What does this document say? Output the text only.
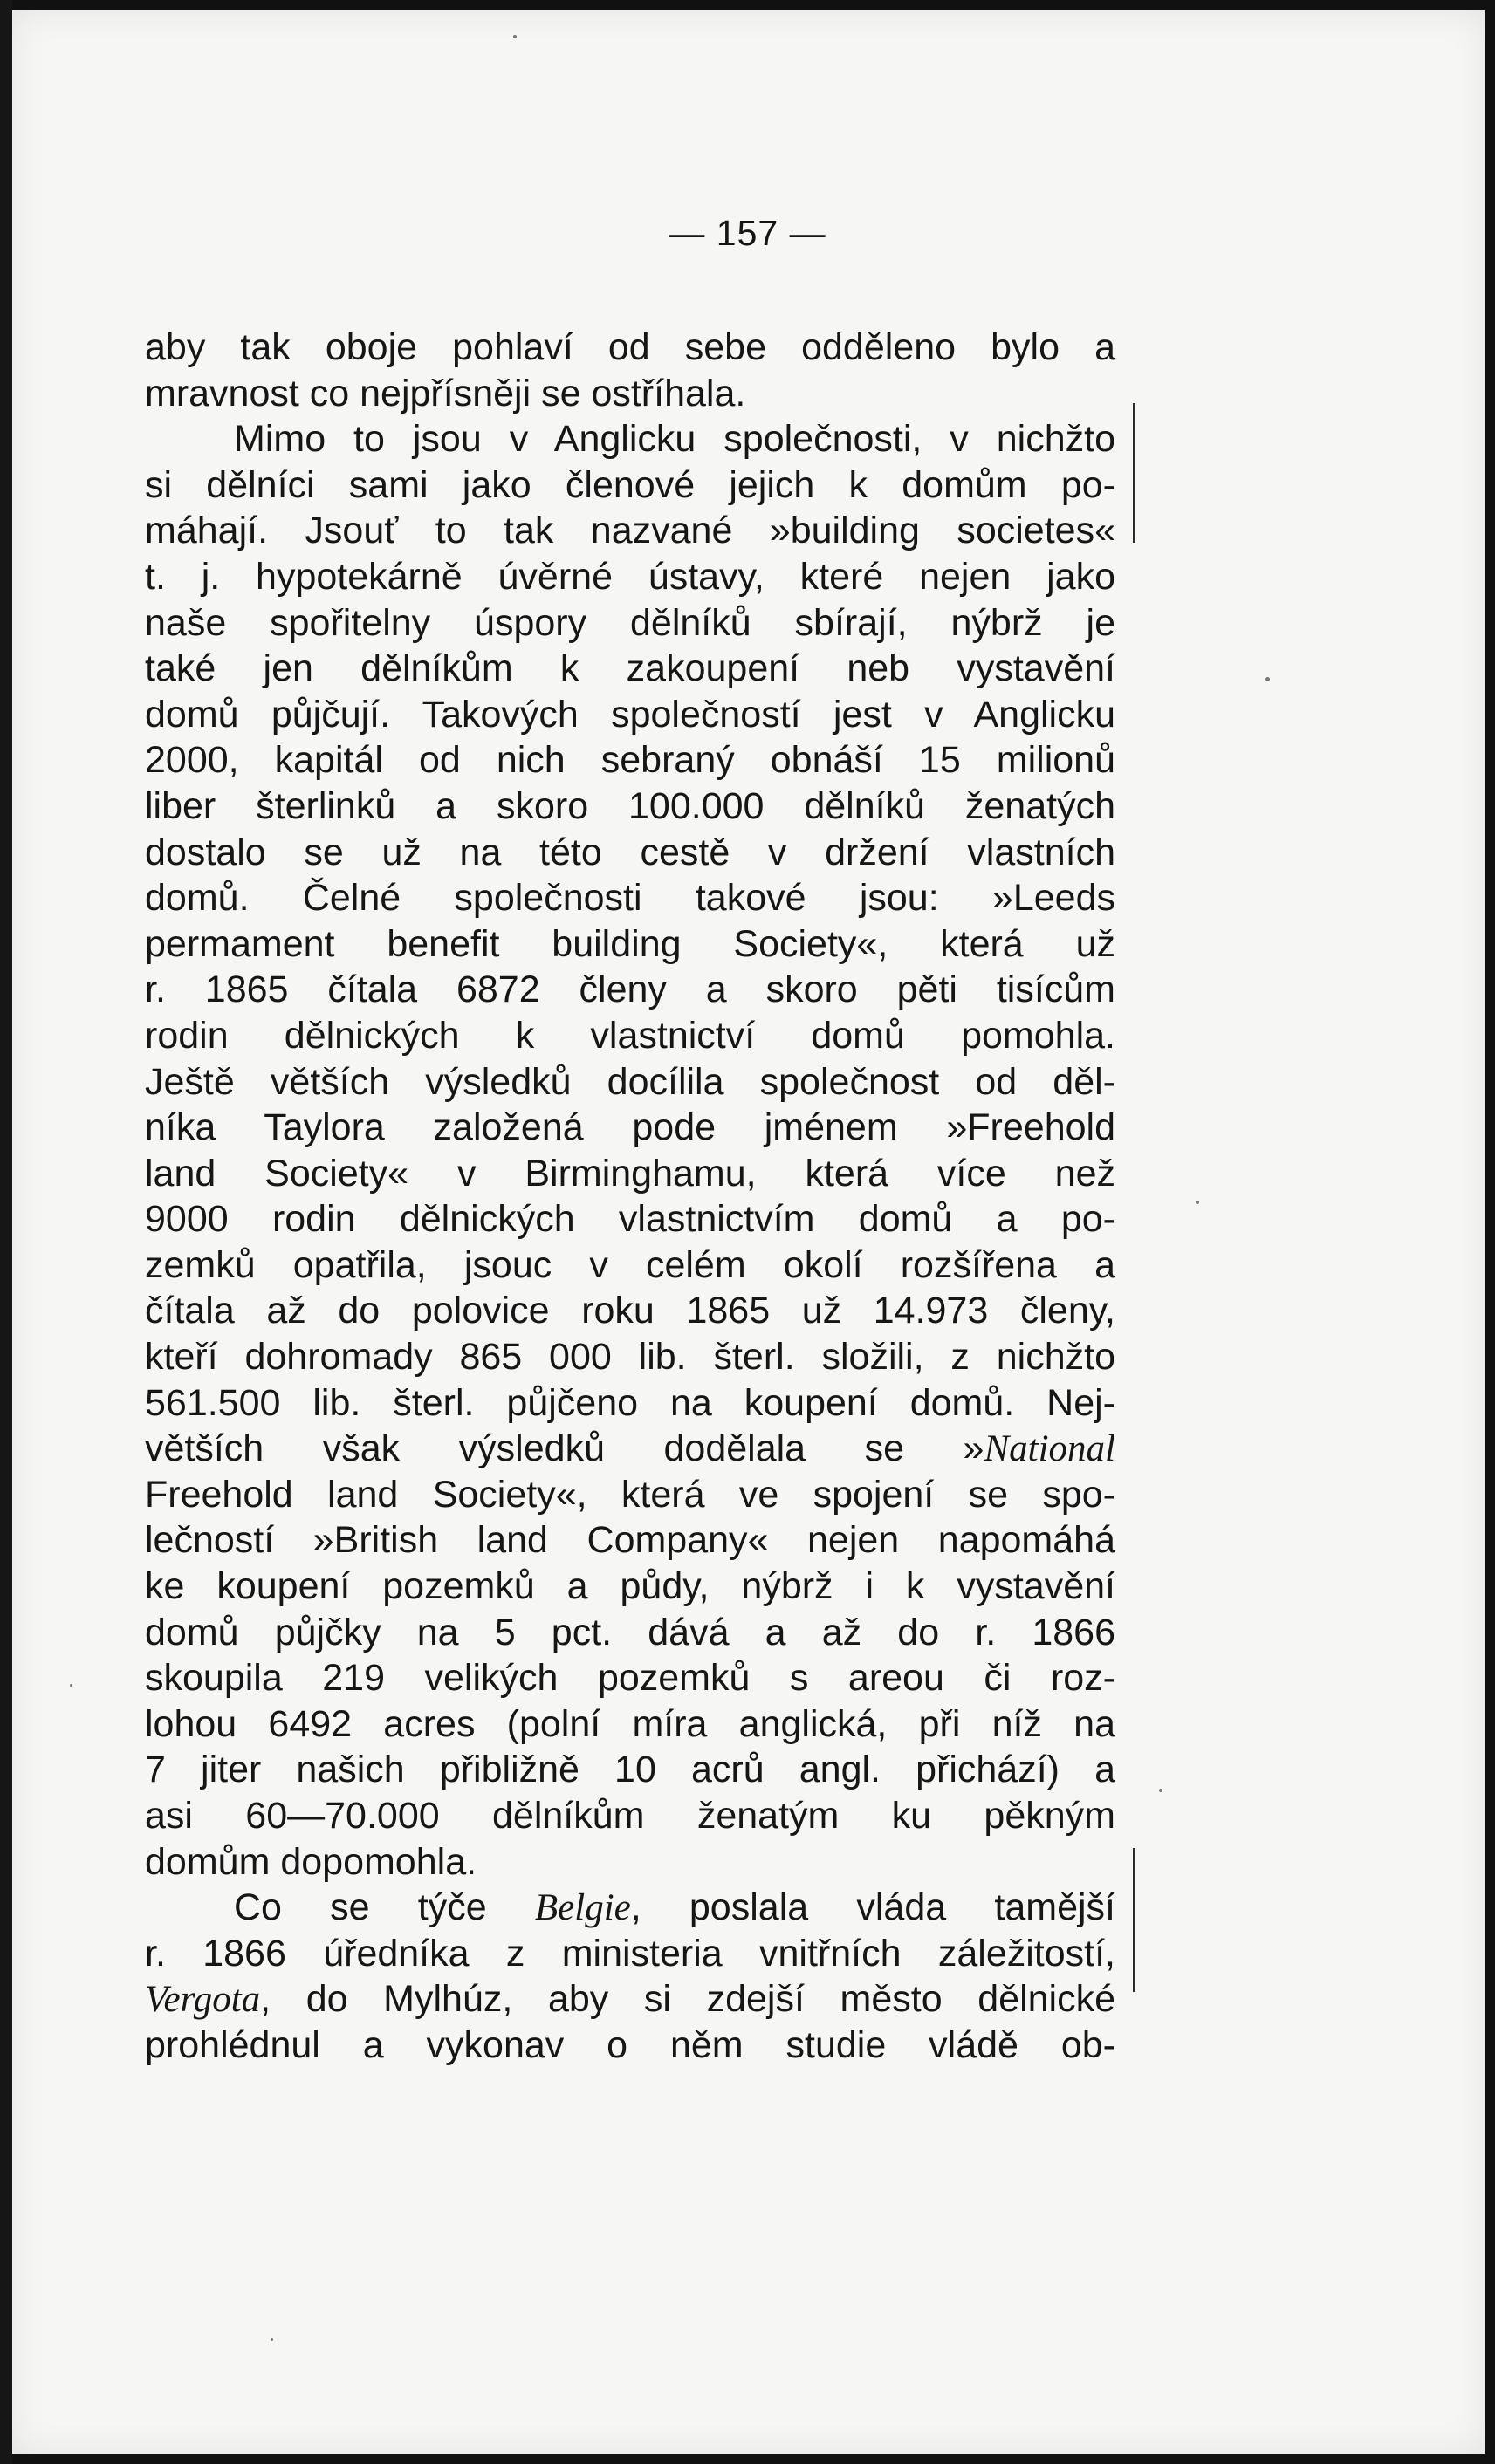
— 157 —
aby tak oboje pohlaví od sebe odděleno bylo a
mravnost co nejpřísněji se ostříhala.
Mimo to jsou v Anglicku společnosti, v nichžto
si dělníci sami jako členové jejich k domům po-
máhají. Jsouť to tak nazvané »building societes«
t. j. hypotekárně úvěrné ústavy, které nejen jako
naše spořitelny úspory dělníků sbírají, nýbrž je
také jen dělníkům k zakoupení neb vystavění
domů půjčují. Takových společností jest v Anglicku
2000, kapitál od nich sebraný obnáší 15 milionů
liber šterlinků a skoro 100.000 dělníků ženatých
dostalo se už na této cestě v držení vlastních
domů. Čelné společnosti takové jsou: »Leeds
permament benefit building Society«, která už
r. 1865 čítala 6872 členy a skoro pěti tisícům
rodin dělnických k vlastnictví domů pomohla.
Ještě větších výsledků docílila společnost od děl-
níka Taylora založená pode jménem »Freehold
land Society« v Birminghamu, která více než
9000 rodin dělnických vlastnictvím domů a po-
zemků opatřila, jsouc v celém okolí rozšířena a
čítala až do polovice roku 1865 už 14.973 členy,
kteří dohromady 865 000 lib. šterl. složili, z nichžto
561.500 lib. šterl. půjčeno na koupení domů. Nej-
větších však výsledků dodělala se »National
Freehold land Society«, která ve spojení se spo-
lečností »British land Company« nejen napomáhá
ke koupení pozemků a půdy, nýbrž i k vystavění
domů půjčky na 5 pct. dává a až do r. 1866
skoupila 219 velikých pozemků s areou či roz-
lohou 6492 acres (polní míra anglická, při níž na
7 jiter našich přibližně 10 acrů angl. přichází) a
asi 60—70.000 dělníkům ženatým ku pěkným
domům dopomohla.
Co se týče Belgie, poslala vláda tamější
r. 1866 úředníka z ministeria vnitřních záležitostí,
Vergota, do Mylhúz, aby si zdejší město dělnické
prohlédnul a vykonav o něm studie vládě ob-
